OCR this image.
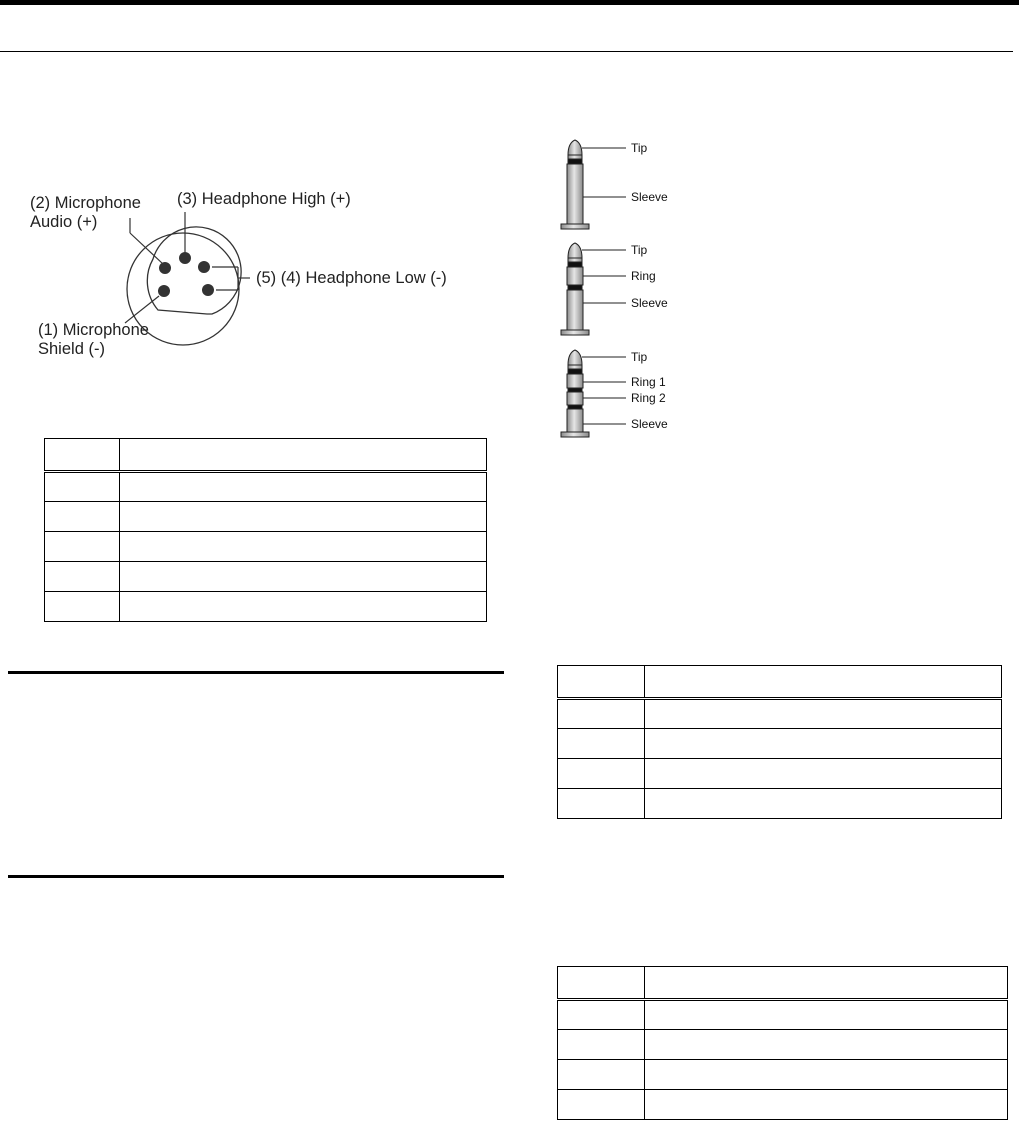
(2) Microphone
Audio (+)
(3) Headphone High (+)
(5) (4) Headphone Low (-)
(1) Microphone
Shield (-)
Tip
Sleeve
Tip
Ring
Sleeve
Tip
Ring 1
Ring 2
Sleeve
